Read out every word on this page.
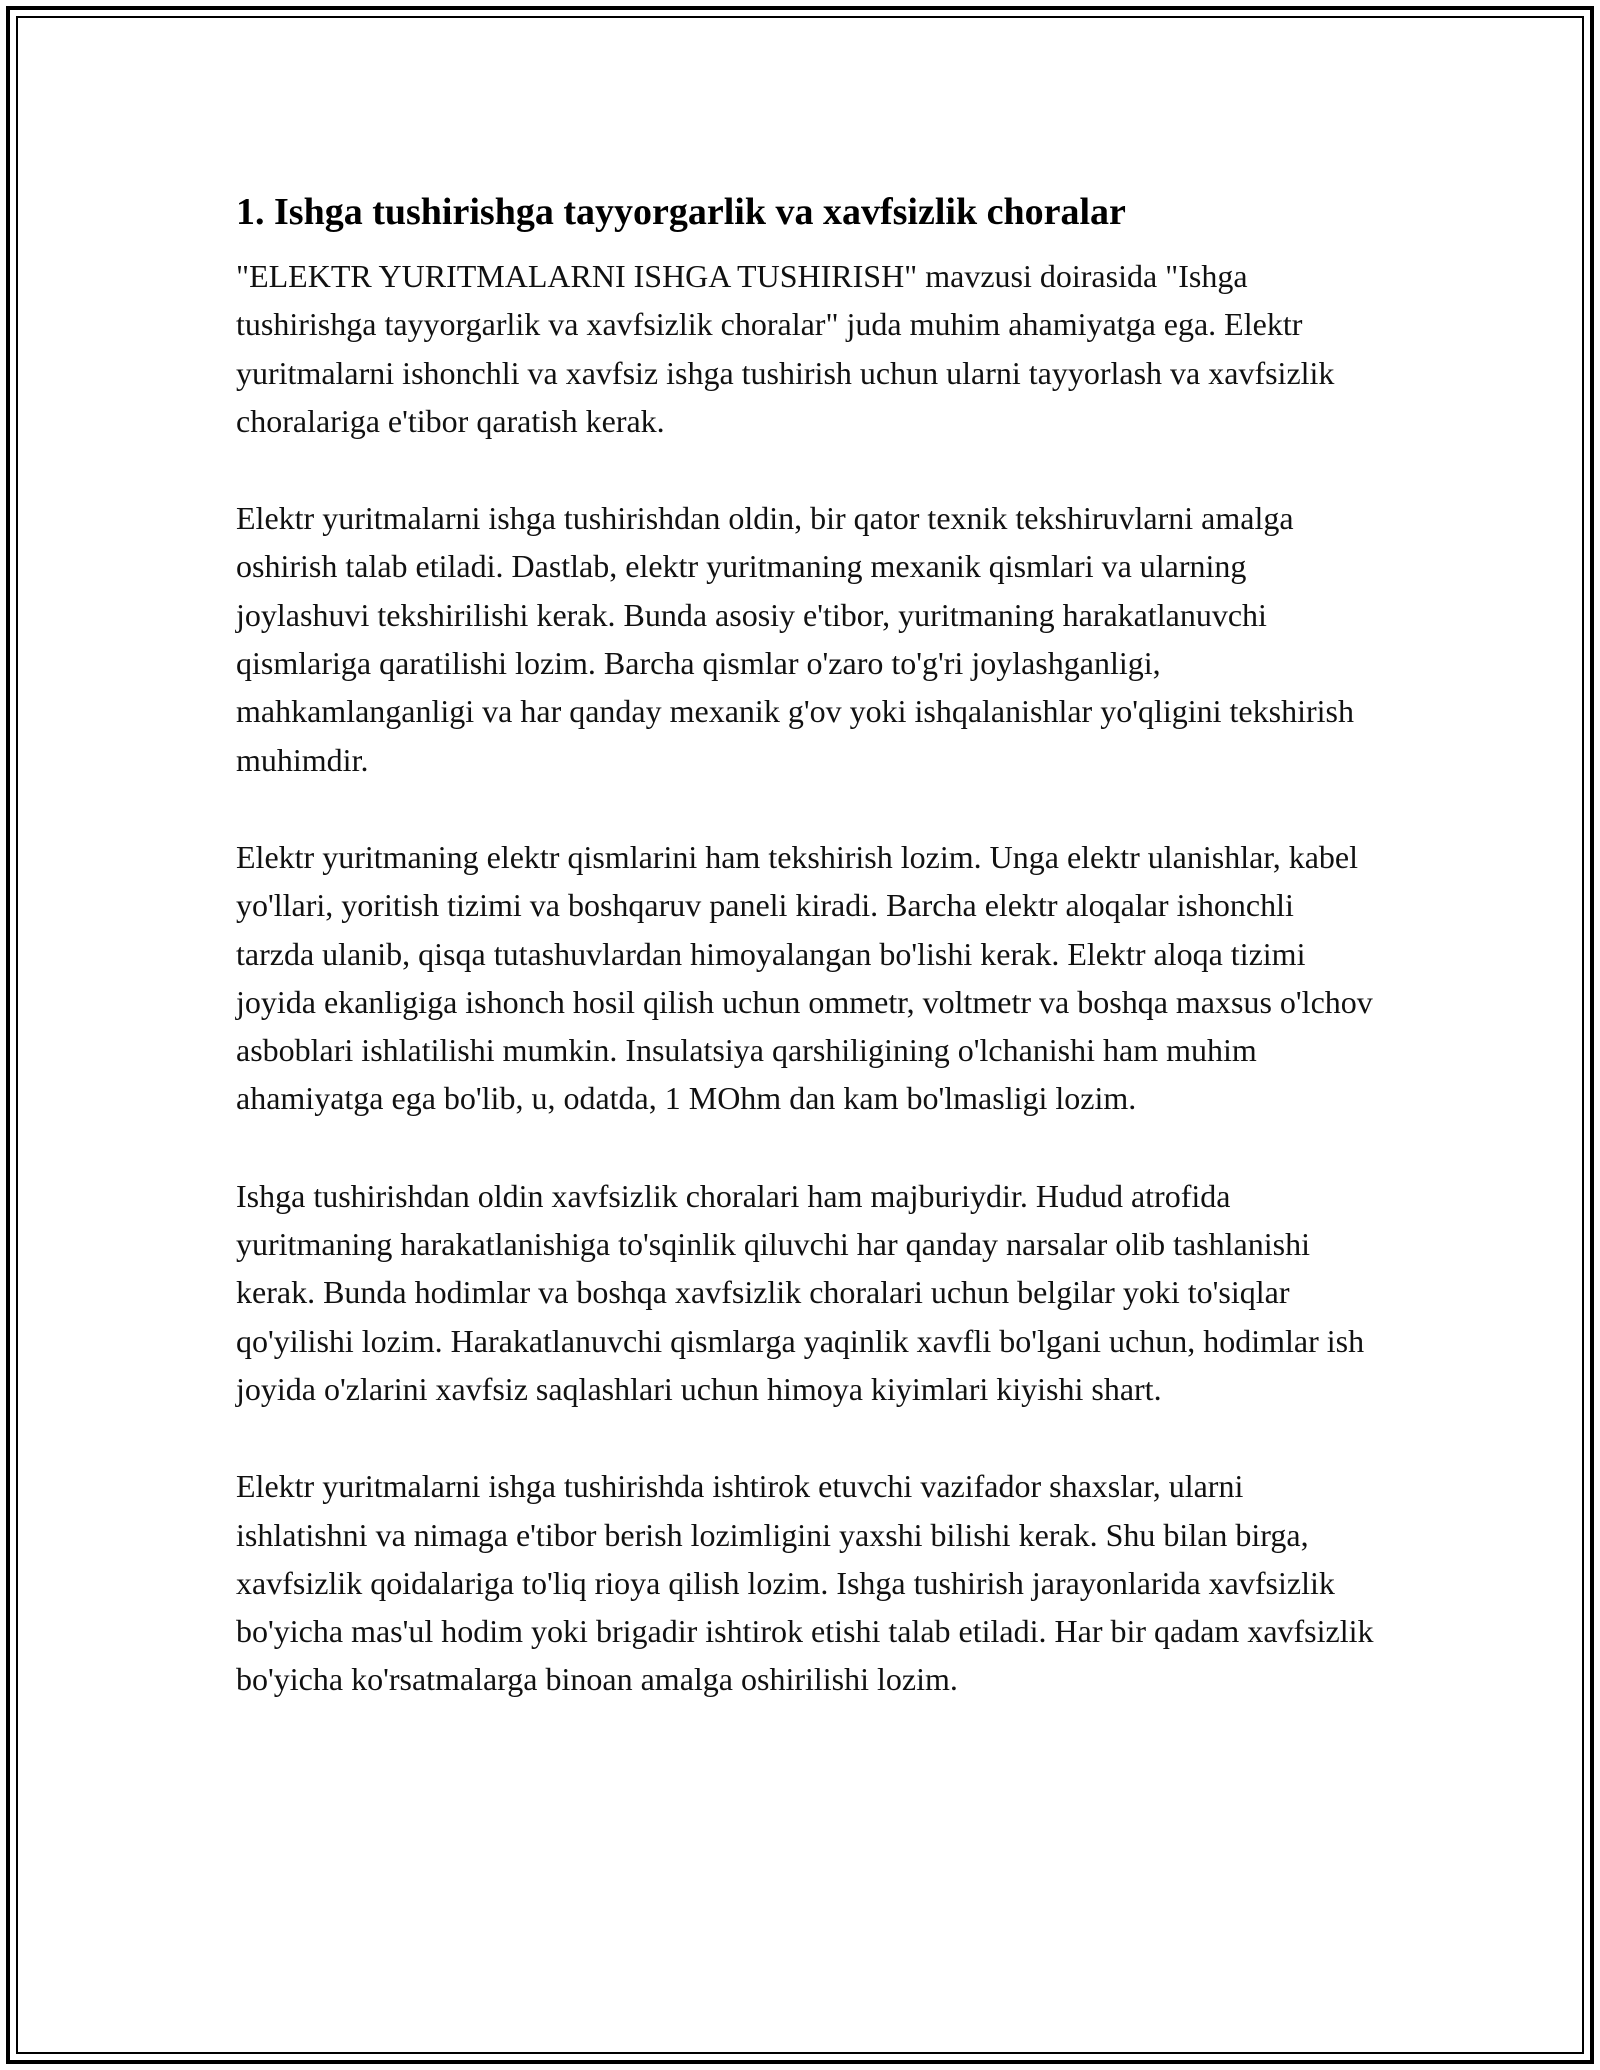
1. Ishga tushirishga tayyorgarlik va xavfsizlik choralar

"ELEKTR YURITMALARNI ISHGA TUSHIRISH" mavzusi doirasida "Ishga tushirishga tayyorgarlik va xavfsizlik choralar" juda muhim ahamiyatga ega. Elektr yuritmalarni ishonchli va xavfsiz ishga tushirish uchun ularni tayyorlash va xavfsizlik choralariga e'tibor qaratish kerak.

Elektr yuritmalarni ishga tushirishdan oldin, bir qator texnik tekshiruvlarni amalga oshirish talab etiladi. Dastlab, elektr yuritmaning mexanik qismlari va ularning joylashuvi tekshirilishi kerak. Bunda asosiy e'tibor, yuritmaning harakatlanuvchi qismlariga qaratilishi lozim. Barcha qismlar o'zaro to'g'ri joylashganligi, mahkamlanganligi va har qanday mexanik g'ov yoki ishqalanishlar yo'qligini tekshirish muhimdir.

Elektr yuritmaning elektr qismlarini ham tekshirish lozim. Unga elektr ulanishlar, kabel yo'llari, yoritish tizimi va boshqaruv paneli kiradi. Barcha elektr aloqalar ishonchli tarzda ulanib, qisqa tutashuvlardan himoyalangan bo'lishi kerak. Elektr aloqa tizimi joyida ekanligiga ishonch hosil qilish uchun ommetr, voltmetr va boshqa maxsus o'lchov asboblari ishlatilishi mumkin. Insulatsiya qarshiligining o'lchanishi ham muhim ahamiyatga ega bo'lib, u, odatda, 1 MOhm dan kam bo'lmasligi lozim.

Ishga tushirishdan oldin xavfsizlik choralari ham majburiydir. Hudud atrofida yuritmaning harakatlanishiga to'sqinlik qiluvchi har qanday narsalar olib tashlanishi kerak. Bunda hodimlar va boshqa xavfsizlik choralari uchun belgilar yoki to'siqlar qo'yilishi lozim. Harakatlanuvchi qismlarga yaqinlik xavfli bo'lgani uchun, hodimlar ish joyida o'zlarini xavfsiz saqlashlari uchun himoya kiyimlari kiyishi shart.

Elektr yuritmalarni ishga tushirishda ishtirok etuvchi vazifador shaxslar, ularni ishlatishni va nimaga e'tibor berish lozimligini yaxshi bilishi kerak. Shu bilan birga, xavfsizlik qoidalariga to'liq rioya qilish lozim. Ishga tushirish jarayonlarida xavfsizlik bo'yicha mas'ul hodim yoki brigadir ishtirok etishi talab etiladi. Har bir qadam xavfsizlik bo'yicha ko'rsatmalarga binoan amalga oshirilishi lozim.
